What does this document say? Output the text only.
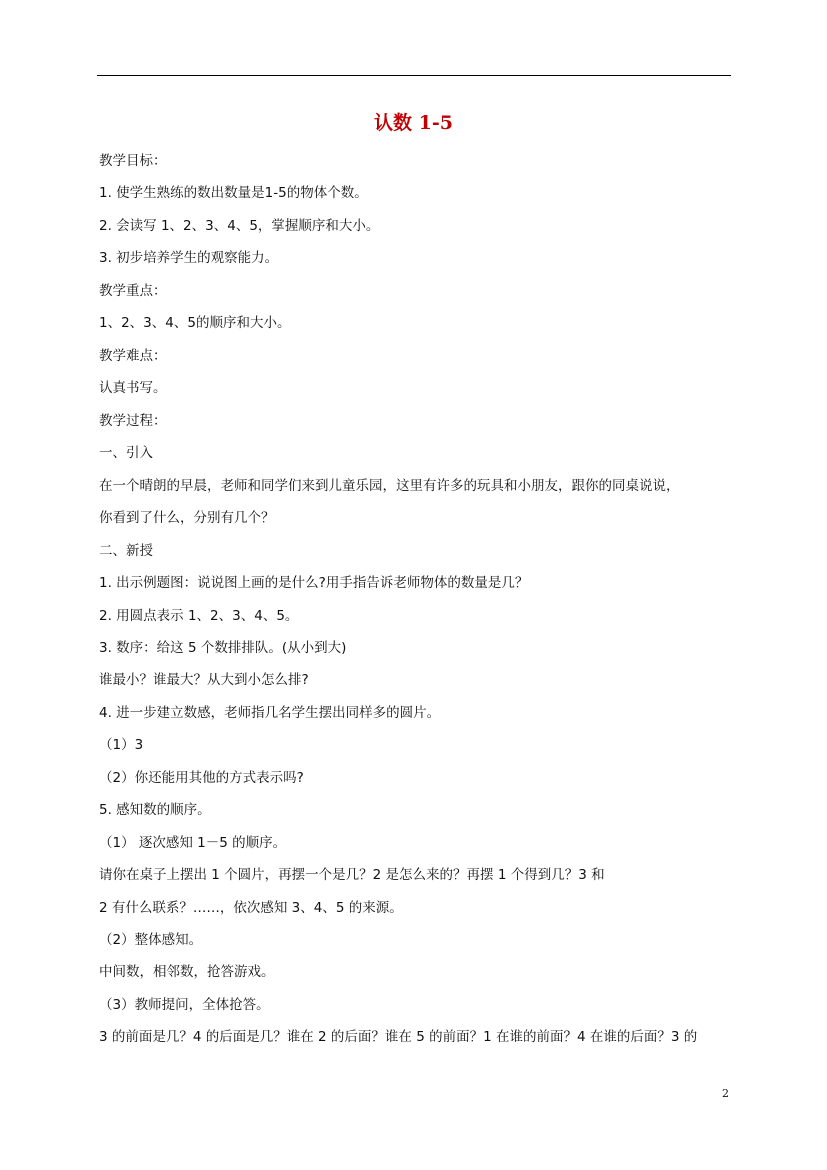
认数 1-5
教学目标：
1. 使学生熟练的数出数量是1-5的物体个数。
2. 会读写 1、2、3、4、5，掌握顺序和大小。
3. 初步培养学生的观察能力。
教学重点：
1、2、3、4、5的顺序和大小。
教学难点：
认真书写。
教学过程：
一、引入
在一个晴朗的早晨，老师和同学们来到儿童乐园，这里有许多的玩具和小朋友，跟你的同桌说说，
你看到了什么，分别有几个？
二、新授
1. 出示例题图：说说图上画的是什么?用手指告诉老师物体的数量是几？
2. 用圆点表示 1、2、3、4、5。
3. 数序：给这 5 个数排排队。(从小到大)
谁最小？谁最大？从大到小怎么排?
4. 进一步建立数感，老师指几名学生摆出同样多的圆片。
（1）3
（2）你还能用其他的方式表示吗?
5. 感知数的顺序。
（1） 逐次感知 1－5 的顺序。
请你在桌子上摆出 1 个圆片，再摆一个是几？2 是怎么来的？再摆 1 个得到几？3 和
2 有什么联系？……，依次感知 3、4、5 的来源。
（2）整体感知。
中间数，相邻数，抢答游戏。
（3）教师提问，全体抢答。
3 的前面是几？4 的后面是几？谁在 2 的后面？谁在 5 的前面？1 在谁的前面？4 在谁的后面？3 的
2
